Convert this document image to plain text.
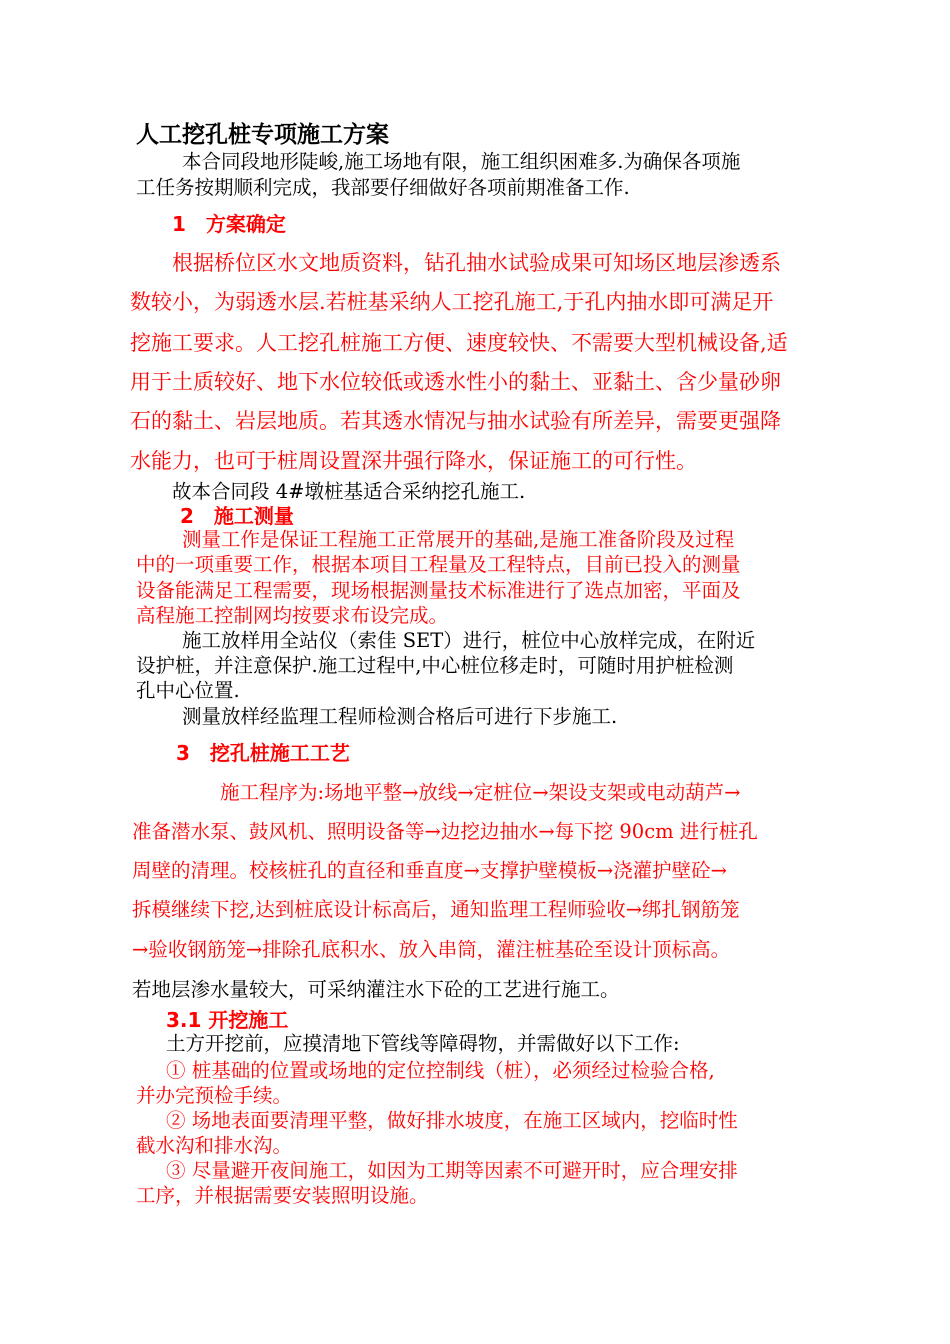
人工挖孔桩专项施工方案
本合同段地形陡峻,施工场地有限，施工组织困难多.为确保各项施
工任务按期顺利完成，我部要仔细做好各项前期准备工作.
1　方案确定
根据桥位区水文地质资料，钻孔抽水试验成果可知场区地层渗透系
数较小，为弱透水层.若桩基采纳人工挖孔施工,于孔内抽水即可满足开
挖施工要求。人工挖孔桩施工方便、速度较快、不需要大型机械设备,适
用于土质较好、地下水位较低或透水性小的黏土、亚黏土、含少量砂卵
石的黏土、岩层地质。若其透水情况与抽水试验有所差异，需要更强降
水能力，也可于桩周设置深井强行降水，保证施工的可行性。
故本合同段 4#墩桩基适合采纳挖孔施工.
2　施工测量
测量工作是保证工程施工正常展开的基础,是施工准备阶段及过程
中的一项重要工作，根据本项目工程量及工程特点，目前已投入的测量
设备能满足工程需要，现场根据测量技术标准进行了选点加密，平面及
高程施工控制网均按要求布设完成。
施工放样用全站仪（索佳 SET）进行，桩位中心放样完成，在附近
设护桩，并注意保护.施工过程中,中心桩位移走时，可随时用护桩检测
孔中心位置.
测量放样经监理工程师检测合格后可进行下步施工.
3　挖孔桩施工工艺
施工程序为:场地平整→放线→定桩位→架设支架或电动葫芦→
准备潜水泵、鼓风机、照明设备等→边挖边抽水→每下挖 90cm 进行桩孔
周壁的清理。校核桩孔的直径和垂直度→支撑护壁模板→浇灌护壁砼→
拆模继续下挖,达到桩底设计标高后，通知监理工程师验收→绑扎钢筋笼
→验收钢筋笼→排除孔底积水、放入串筒，灌注桩基砼至设计顶标高。
若地层渗水量较大，可采纳灌注水下砼的工艺进行施工。
3.1 开挖施工
土方开挖前，应摸清地下管线等障碍物，并需做好以下工作:
① 桩基础的位置或场地的定位控制线（桩），必须经过检验合格,
并办完预检手续。
② 场地表面要清理平整，做好排水坡度，在施工区域内，挖临时性
截水沟和排水沟。
③ 尽量避开夜间施工，如因为工期等因素不可避开时，应合理安排
工序，并根据需要安装照明设施。
